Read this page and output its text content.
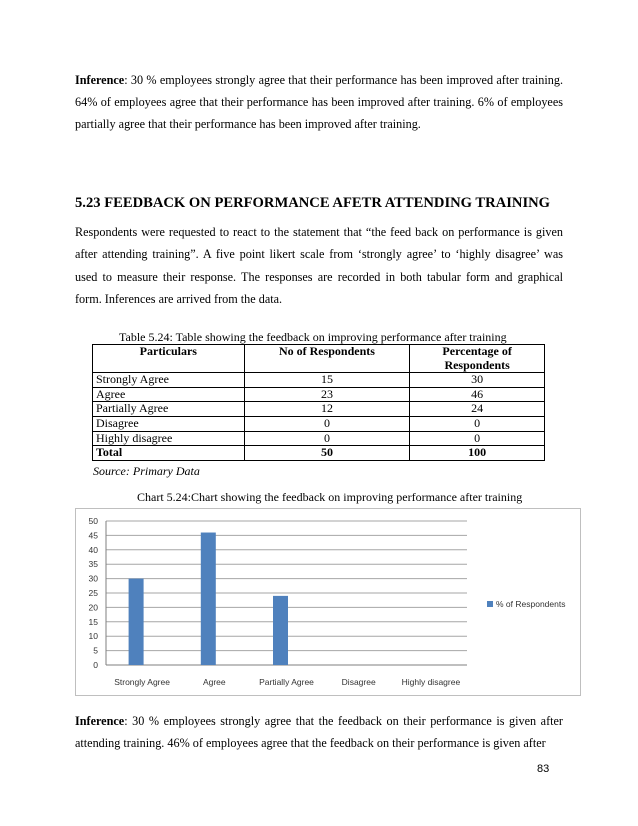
Inference: 30 % employees strongly agree that their performance has been improved after training. 64% of employees agree that their performance has been improved after training. 6% of employees partially agree that their performance has been improved after training.

5.23 FEEDBACK ON PERFORMANCE AFETR ATTENDING TRAINING

Respondents were requested to react to the statement that “the feed back on performance is given after attending training”. A five point likert scale from ‘strongly agree’ to ‘highly disagree’ was used to measure their response. The responses are recorded in both tabular form and graphical form. Inferences are arrived from the data.

Table 5.24: Table showing the feedback on improving performance after training
Particulars	No of Respondents	Percentage of Respondents
Strongly Agree	15	30
Agree	23	46
Partially Agree	12	24
Disagree	0	0
Highly disagree	0	0
Total	50	100
Source: Primary Data
Chart 5.24:Chart showing the feedback on improving performance after training
0
5
10
15
20
25
30
35
40
45
50
Strongly Agree	Agree	Partially Agree	Disagree	Highly disagree
% of Respondents

Inference: 30 % employees strongly agree that the feedback on their performance is given after attending training. 46% of employees agree that the feedback on their performance is given after

83
